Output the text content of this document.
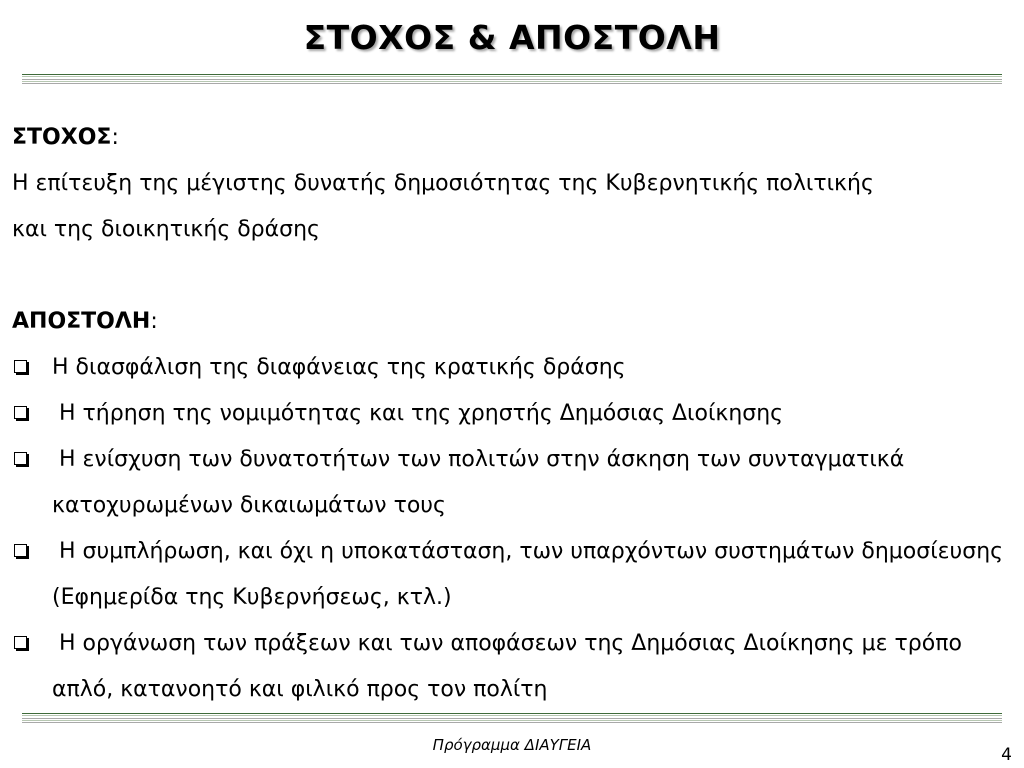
ΣΤΟΧΟΣ & ΑΠΟΣΤΟΛΗ
ΣΤΟΧΟΣ:
Η επίτευξη της μέγιστης δυνατής δημοσιότητας της Κυβερνητικής πολιτικής
και της διοικητικής δράσης
ΑΠΟΣΤΟΛΗ:
Η διασφάλιση της διαφάνειας της κρατικής δράσης
Η τήρηση της νομιμότητας και της χρηστής Δημόσιας Διοίκησης
Η ενίσχυση των δυνατοτήτων των πολιτών στην άσκηση των συνταγματικά κατοχυρωμένων δικαιωμάτων τους
Η συμπλήρωση, και όχι η υποκατάσταση, των υπαρχόντων συστημάτων δημοσίευσης (Εφημερίδα της Κυβερνήσεως, κτλ.)
Η οργάνωση των πράξεων και των αποφάσεων της Δημόσιας Διοίκησης με τρόπο απλό, κατανοητό και φιλικό προς τον πολίτη
Πρόγραμμα ΔΙΑΥΓΕΙΑ	4
